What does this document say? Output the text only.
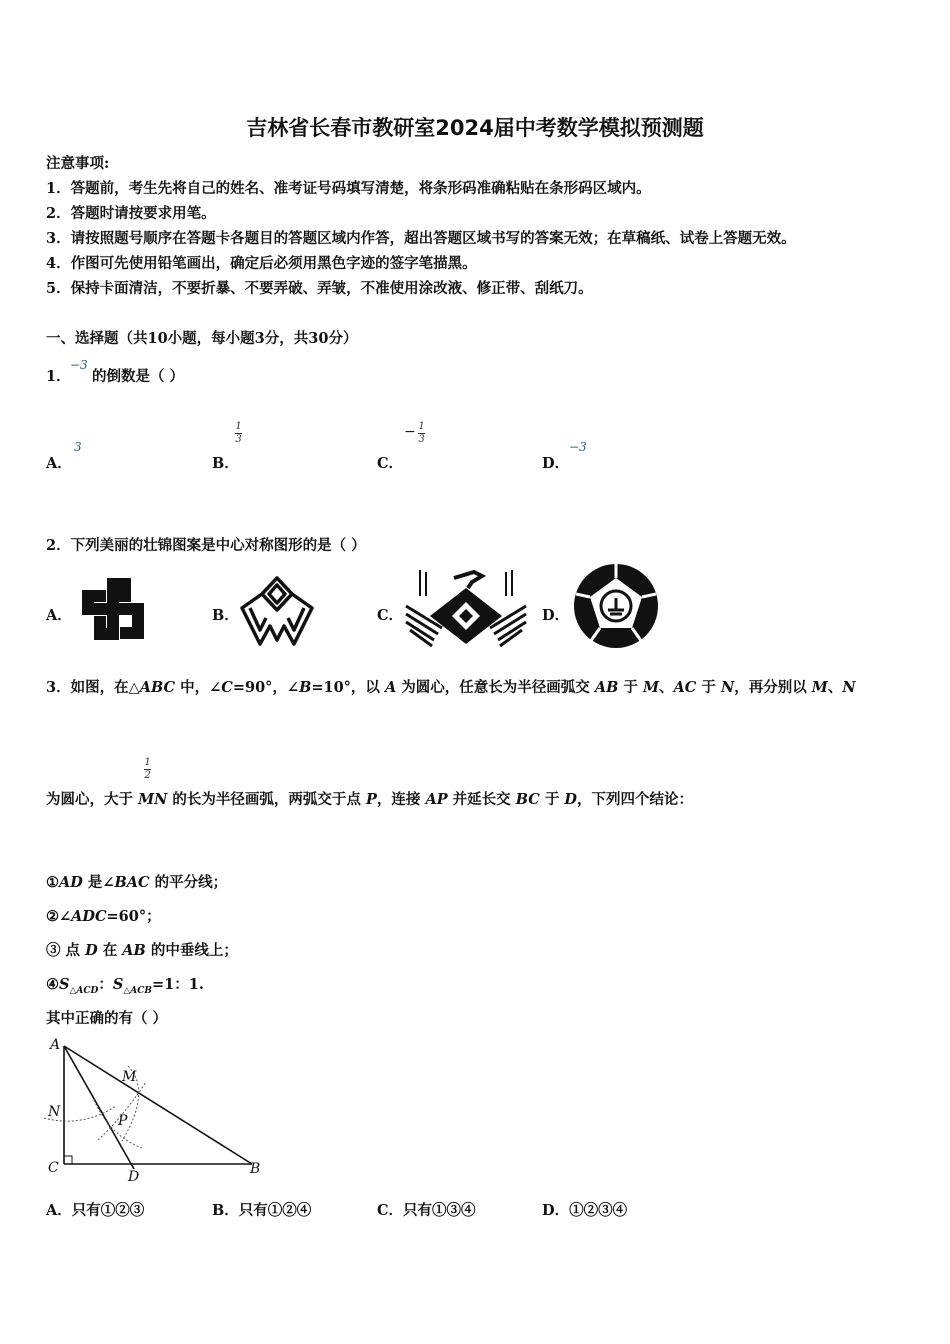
吉林省长春市教研室2024届中考数学模拟预测题
注意事项:
1．答题前，考生先将自己的姓名、准考证号码填写清楚，将条形码准确粘贴在条形码区域内。
2．答题时请按要求用笔。
3．请按照题号顺序在答题卡各题目的答题区域内作答，超出答题区域书写的答案无效；在草稿纸、试卷上答题无效。
4．作图可先使用铅笔画出，确定后必须用黑色字迹的签字笔描黑。
5．保持卡面清洁，不要折暴、不要弄破、弄皱，不准使用涂改液、修正带、刮纸刀。
一、选择题（共10小题，每小题3分，共30分）
1．
−3
的倒数是（ ）
A．
3
B．
1
3
C．
− 1
3
D．
−3
2．下列美丽的壮锦图案是中心对称图形的是（ ）
A．	B．	C．	D．
3．如图，在△ABC 中，∠C=90°，∠B=10°，以 A 为圆心，任意长为半径画弧交 AB 于 M、AC 于 N，再分别以 M、N
1
2
为圆心，大于 MN 的长为半径画弧，两弧交于点 P，连接 AP 并延长交 BC 于 D，下列四个结论：
①AD 是∠BAC 的平分线；
②∠ADC=60°；
③ 点 D 在 AB 的中垂线上；
$④S_{\triangle ACD}$：$S_{\triangle ACB}=1$：1.
其中正确的有（ ）
A
M
N
P
C
D	B
A．只有①②③	B．只有①②④	C．只有①③④	D．①②③④
